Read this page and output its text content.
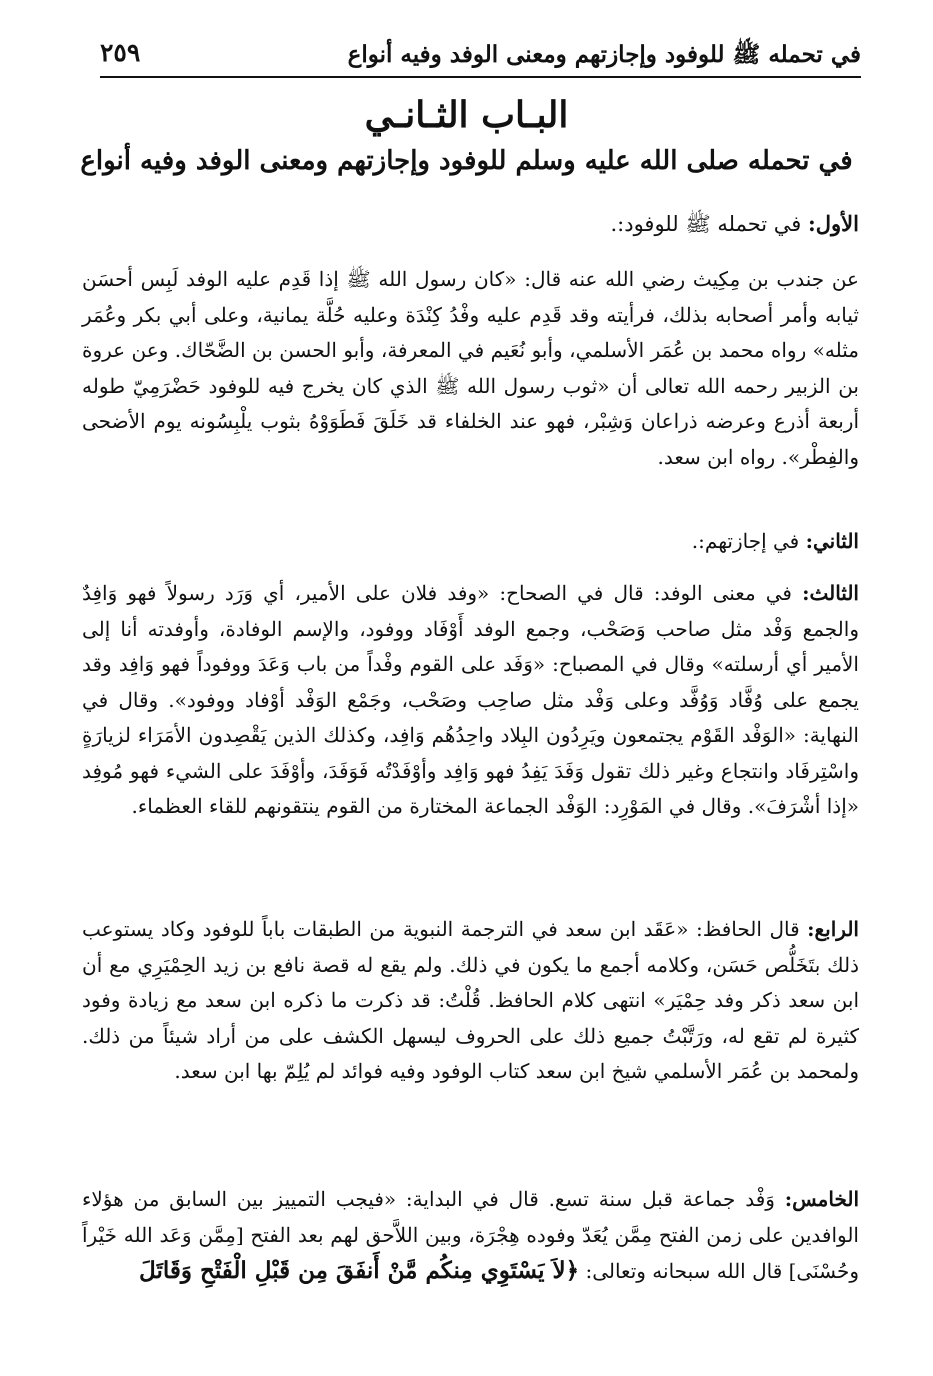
في تحمله ﷺ للوفود وإجازتهم ومعنى الوفد وفيه أنواع
٢٥٩
البـاب الثـانـي
في تحمله صلى الله عليه وسلم للوفود وإجازتهم ومعنى الوفد وفيه أنواع
الأول: في تحمله ﷺ للوفود:.
عن جندب بن مِكِيث رضي الله عنه قال: «كان رسول الله ﷺ إذا قَدِم عليه الوفد لَبِس أحسَن ثيابه وأمر أصحابه بذلك، فرأيته وقد قَدِم عليه وفْدُ كِنْدَة وعليه حُلَّة يمانية، وعلى أبي بكر وعُمَر مثله» رواه محمد بن عُمَر الأسلمي، وأبو نُعَيم في المعرفة، وأبو الحسن بن الضَّحّاك. وعن عروة بن الزبير رحمه الله تعالى أن «ثوب رسول الله ﷺ الذي كان يخرج فيه للوفود حَضْرَمِيّ طوله أربعة أذرع وعرضه ذراعان وَشِبْر، فهو عند الخلفاء قد خَلَقَ فَطَوَوْهُ بثوب يلْبِسُونه يوم الأضحى والفِطْر». رواه ابن سعد.
الثاني: في إجازتهم:.
الثالث: في معنى الوفد: قال في الصحاح: «وفد فلان على الأمير، أي وَرَد رسولاً فهو وَافِدٌ والجمع وَفْد مثل صاحب وَصَحْب، وجمع الوفد أَوْفَاد ووفود، والإسم الوفادة، وأوفدته أنا إلى الأمير أي أرسلته» وقال في المصباح: «وَفَد على القوم وفْداً من باب وَعَدَ ووفوداً فهو وَافِد وقد يجمع على وُفَّاد وَوُفَّد وعلى وَفْد مثل صاحِب وصَحْب، وجَمْع الوَفْد أوْفاد ووفود». وقال في النهاية: «الوَفْد القَوْم يجتمعون ويَرِدُون البِلاد واحِدُهُم وَافِد، وكذلك الذين يَقْصِدون الأمَرَاء لزيارَةٍ واسْتِرفَاد وانتجاع وغير ذلك تقول وَفَدَ يَفِدُ فهو وَافِد وأوْفَدْتُه فَوَفَدَ، وأوْفَدَ على الشيء فهو مُوفِد «إذا أشْرَفَ». وقال في المَوْرِد: الوَفْد الجماعة المختارة من القوم ينتقونهم للقاء العظماء.
الرابع: قال الحافظ: «عَقَد ابن سعد في الترجمة النبوية من الطبقات باباً للوفود وكاد يستوعب ذلك بتَخَلُّص حَسَن، وكلامه أجمع ما يكون في ذلك. ولم يقع له قصة نافع بن زيد الحِمْيَرِي مع أن ابن سعد ذكر وفد حِمْيَر» انتهى كلام الحافظ. قُلْتُ: قد ذكرت ما ذكره ابن سعد مع زيادة وفود كثيرة لم تقع له، ورَتَّبْتُ جميع ذلك على الحروف ليسهل الكشف على من أراد شيئاً من ذلك. ولمحمد بن عُمَر الأسلمي شيخ ابن سعد كتاب الوفود وفيه فوائد لم يُلِمّ بها ابن سعد.
الخامس: وَفْد جماعة قبل سنة تسع. قال في البداية: «فيجب التمييز بين السابق من هؤلاء الوافدين على زمن الفتح مِمَّن يُعَدّ وفوده هِجْرَة، وبين اللاَّحق لهم بعد الفتح [مِمَّن وَعَد الله خَيْراً وحُسْنَى] قال الله سبحانه وتعالى: ﴿لاَ يَسْتَوِي مِنكُم مَّنْ أَنفَقَ مِن قَبْلِ الْفَتْحِ وَقَاتَلَ
